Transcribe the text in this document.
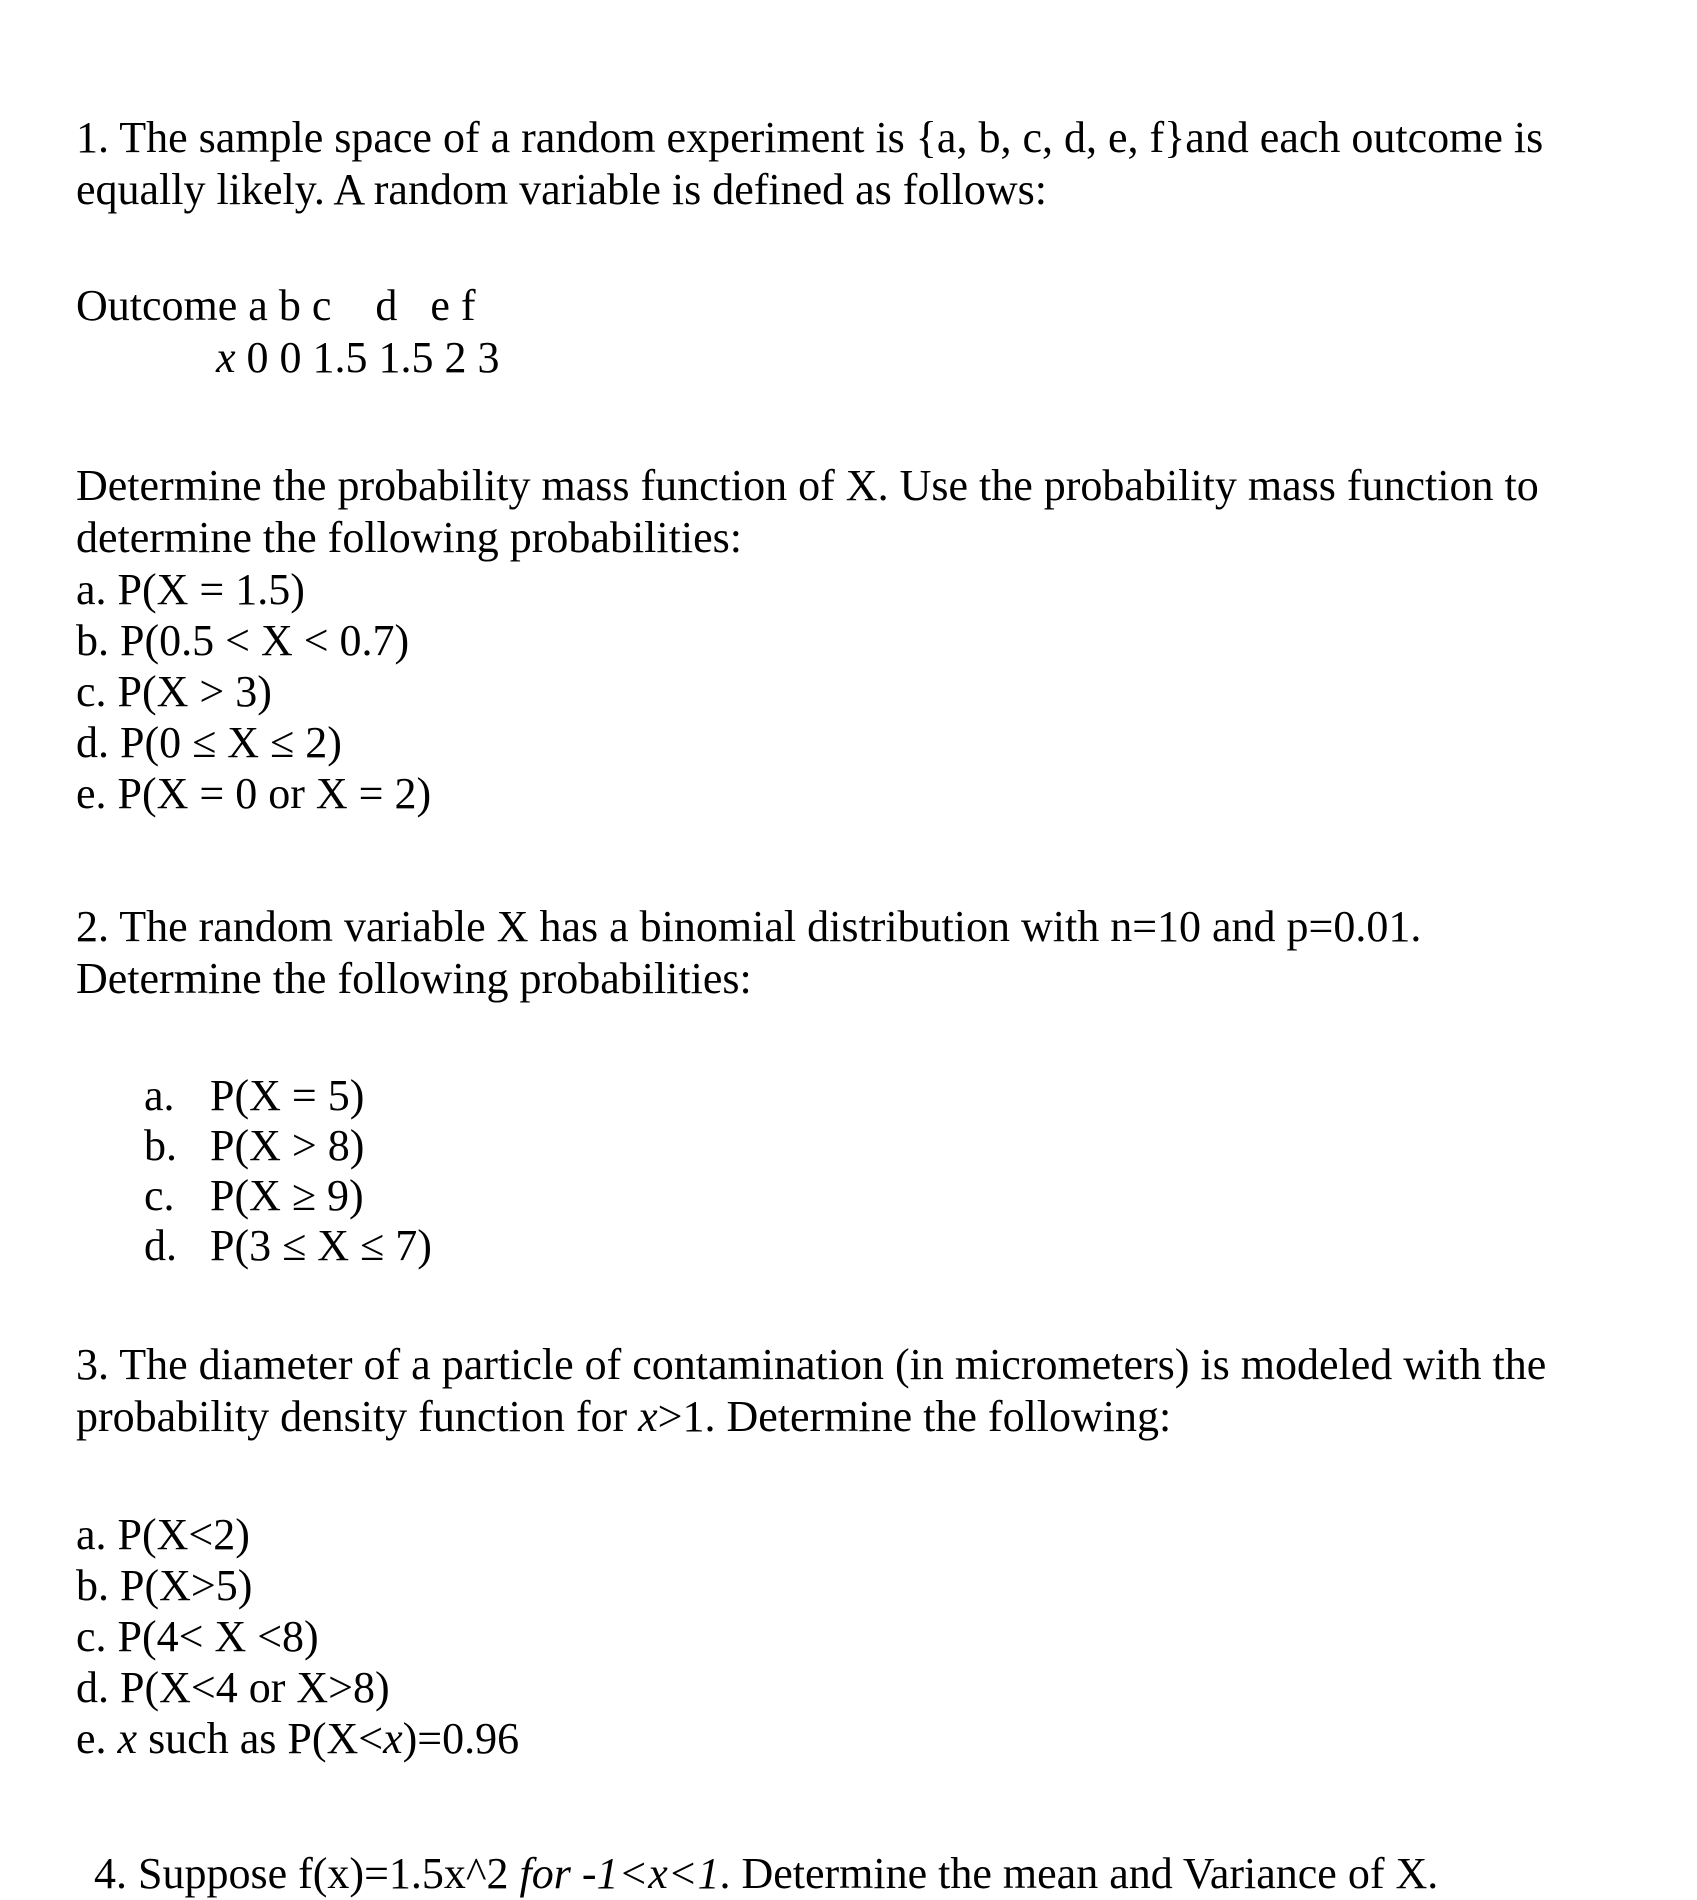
1. The sample space of a random experiment is {a, b, c, d, e, f}and each outcome is
equally likely. A random variable is defined as follows:
Outcome a b c    d   e f
x 0 0 1.5 1.5 2 3
Determine the probability mass function of X. Use the probability mass function to
determine the following probabilities:
a. P(X = 1.5)
b. P(0.5 < X < 0.7)
c. P(X > 3)
d. P(0 ≤ X ≤ 2)
e. P(X = 0 or X = 2)
2. The random variable X has a binomial distribution with n=10 and p=0.01.
Determine the following probabilities:
a. P(X = 5)
b. P(X > 8)
c. P(X ≥ 9)
d. P(3 ≤ X ≤ 7)
3. The diameter of a particle of contamination (in micrometers) is modeled with the
probability density function for x>1. Determine the following:
a. P(X<2)
b. P(X>5)
c. P(4< X <8)
d. P(X<4 or X>8)
e. x such as P(X<x)=0.96
4. Suppose f(x)=1.5x^2 for -1<x<1. Determine the mean and Variance of X.
